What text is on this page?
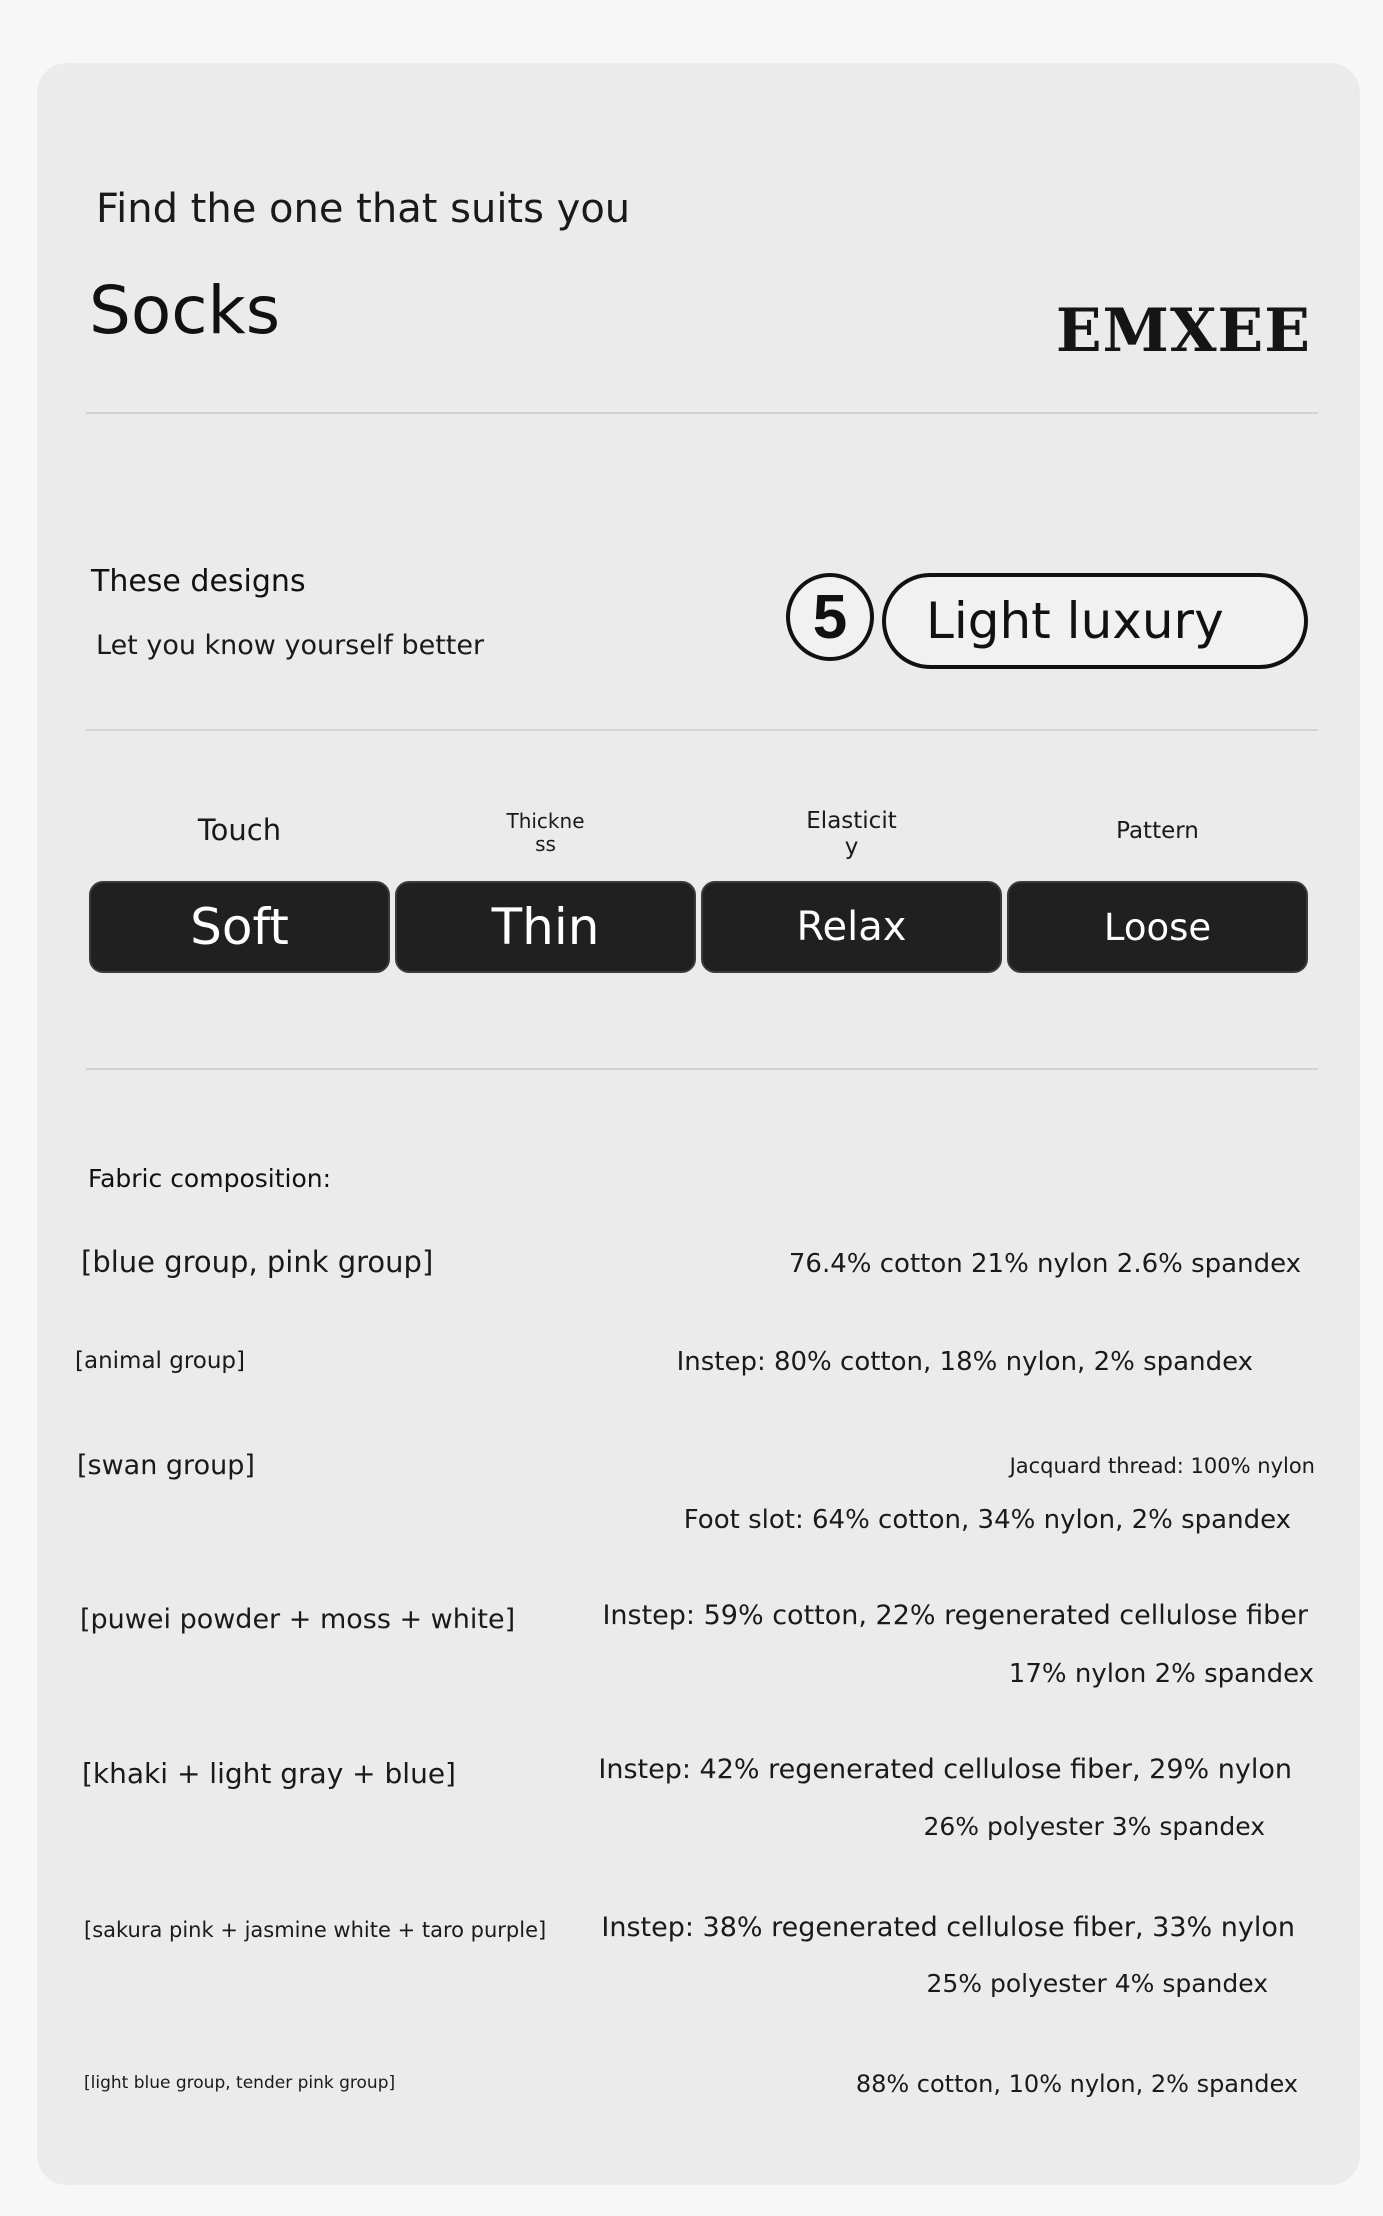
Find the one that suits you
Socks	EMXEE
These designs
Let you know yourself better	5	Light luxury
Touch	Thickne
ss
Elasticit
y
Pattern
Soft	Thin	Relax	Loose
Fabric composition:
[blue group, pink group]	76.4% cotton 21% nylon 2.6% spandex
[animal group]	Instep: 80% cotton, 18% nylon, 2% spandex
[swan group]	Jacquard thread: 100% nylon
Foot slot: 64% cotton, 34% nylon, 2% spandex
[puwei powder + moss + white]	Instep: 59% cotton, 22% regenerated cellulose fiber
17% nylon 2% spandex
[khaki + light gray + blue]	Instep: 42% regenerated cellulose fiber, 29% nylon
26% polyester 3% spandex
[sakura pink + jasmine white + taro purple] Instep: 38% regenerated cellulose fiber, 33% nylon
25% polyester 4% spandex
[light blue group, tender pink group]	88% cotton, 10% nylon, 2% spandex
